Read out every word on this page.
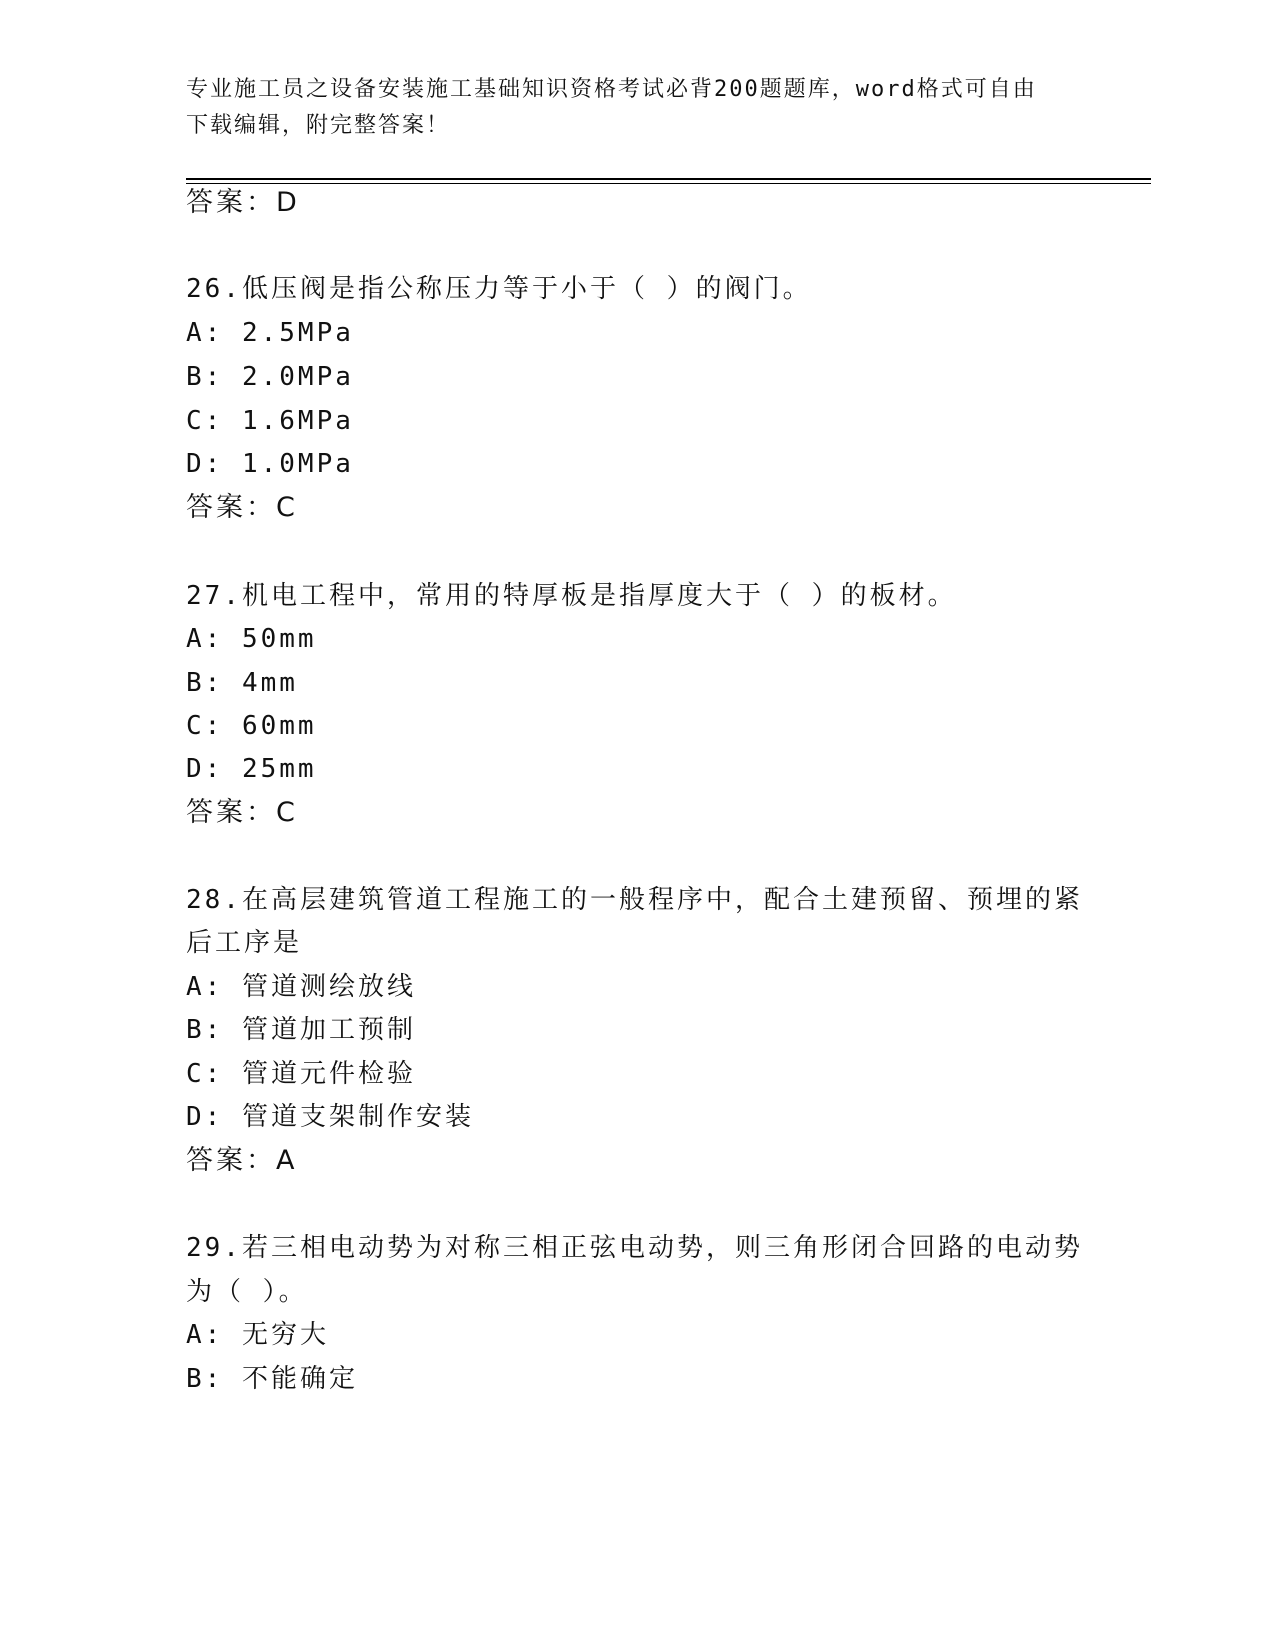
专业施工员之设备安装施工基础知识资格考试必背200题题库，word格式可自由
下载编辑，附完整答案！
答案：D
26.低压阀是指公称压力等于小于（ ）的阀门。
A: 2.5MPa
B: 2.0MPa
C: 1.6MPa
D: 1.0MPa
答案：C
27.机电工程中，常用的特厚板是指厚度大于（ ）的板材。
A: 50mm
B: 4mm
C: 60mm
D: 25mm
答案：C
28.在高层建筑管道工程施工的一般程序中，配合土建预留、预埋的紧
后工序是
A: 管道测绘放线
B: 管道加工预制
C: 管道元件检验
D: 管道支架制作安装
答案：A
29.若三相电动势为对称三相正弦电动势，则三角形闭合回路的电动势
为（ ）。
A: 无穷大
B: 不能确定
